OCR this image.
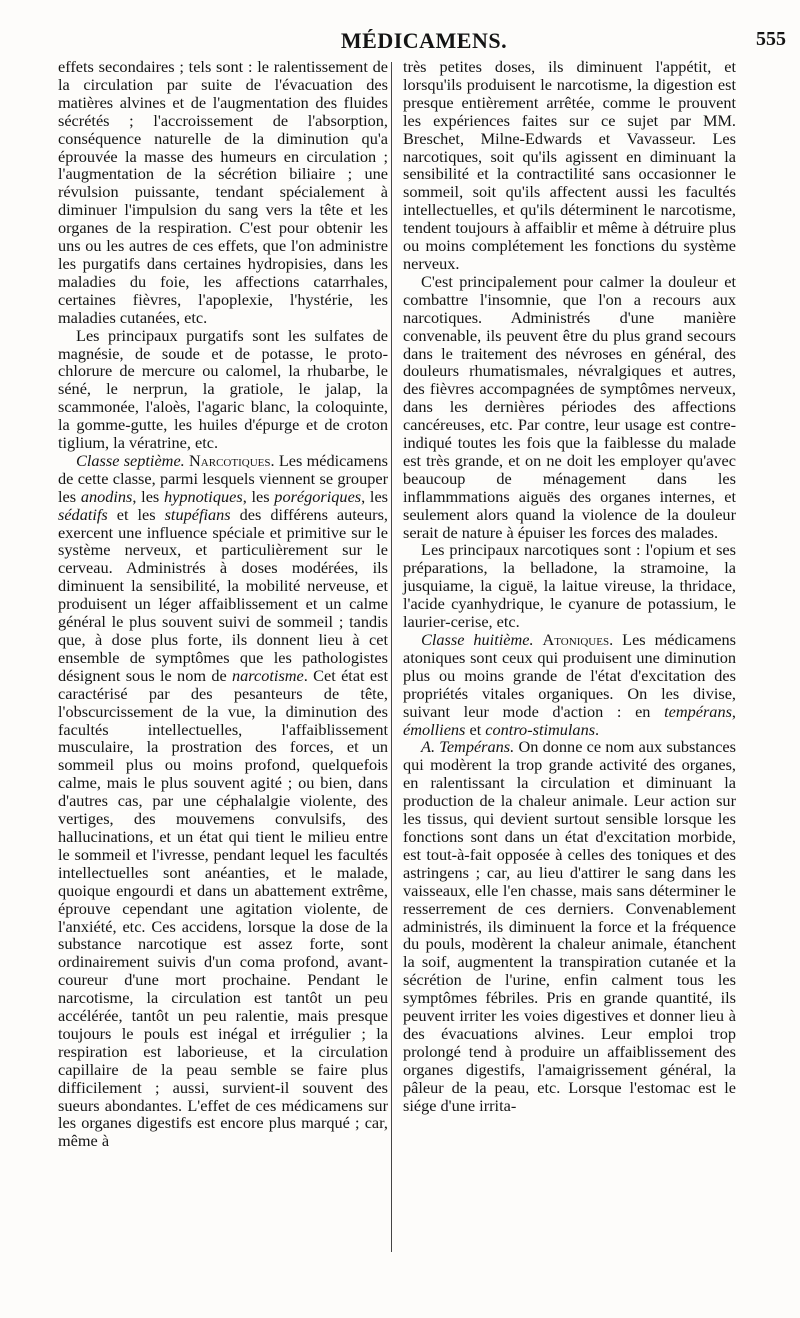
MÉDICAMENS.	555

effets secondaires ; tels sont : le ralentissement de la circulation par suite de l'évacuation des matières alvines et de l'augmentation des fluides sécrétés ; l'accroissement de l'absorption, conséquence naturelle de la diminution qu'a éprouvée la masse des humeurs en circulation ; l'augmentation de la sécrétion biliaire ; une révulsion puissante, tendant spécialement à diminuer l'impulsion du sang vers la tête et les organes de la respiration. C'est pour obtenir les uns ou les autres de ces effets, que l'on administre les purgatifs dans certaines hydropisies, dans les maladies du foie, les affections catarrhales, certaines fièvres, l'apoplexie, l'hystérie, les maladies cutanées, etc.

Les principaux purgatifs sont les sulfates de magnésie, de soude et de potasse, le proto-chlorure de mercure ou calomel, la rhubarbe, le séné, le nerprun, la gratiole, le jalap, la scammonée, l'aloès, l'agaric blanc, la coloquinte, la gomme-gutte, les huiles d'épurge et de croton tiglium, la vératrine, etc.

Classe septième. Narcotiques. Les médicamens de cette classe, parmi lesquels viennent se grouper les anodins, les hypnotiques, les porégoriques, les sédatifs et les stupéfians des différens auteurs, exercent une influence spéciale et primitive sur le système nerveux, et particulièrement sur le cerveau. Administrés à doses modérées, ils diminuent la sensibilité, la mobilité nerveuse, et produisent un léger affaiblissement et un calme général le plus souvent suivi de sommeil ; tandis que, à dose plus forte, ils donnent lieu à cet ensemble de symptômes que les pathologistes désignent sous le nom de narcotisme. Cet état est caractérisé par des pesanteurs de tête, l'obscurcissement de la vue, la diminution des facultés intellectuelles, l'affaiblissement musculaire, la prostration des forces, et un sommeil plus ou moins profond, quelquefois calme, mais le plus souvent agité ; ou bien, dans d'autres cas, par une céphalalgie violente, des vertiges, des mouvemens convulsifs, des hallucinations, et un état qui tient le milieu entre le sommeil et l'ivresse, pendant lequel les facultés intellectuelles sont anéanties, et le malade, quoique engourdi et dans un abattement extrême, éprouve cependant une agitation violente, de l'anxiété, etc. Ces accidens, lorsque la dose de la substance narcotique est assez forte, sont ordinairement suivis d'un coma profond, avant-coureur d'une mort prochaine. Pendant le narcotisme, la circulation est tantôt un peu accélérée, tantôt un peu ralentie, mais presque toujours le pouls est inégal et irrégulier ; la respiration est laborieuse, et la circulation capillaire de la peau semble se faire plus difficilement ; aussi, survient-il souvent des sueurs abondantes. L'effet de ces médicamens sur les organes digestifs est encore plus marqué ; car, même à

très petites doses, ils diminuent l'appétit, et lorsqu'ils produisent le narcotisme, la digestion est presque entièrement arrêtée, comme le prouvent les expériences faites sur ce sujet par MM. Breschet, Milne-Edwards et Vavasseur. Les narcotiques, soit qu'ils agissent en diminuant la sensibilité et la contractilité sans occasionner le sommeil, soit qu'ils affectent aussi les facultés intellectuelles, et qu'ils déterminent le narcotisme, tendent toujours à affaiblir et même à détruire plus ou moins complétement les fonctions du système nerveux.

C'est principalement pour calmer la douleur et combattre l'insomnie, que l'on a recours aux narcotiques. Administrés d'une manière convenable, ils peuvent être du plus grand secours dans le traitement des névroses en général, des douleurs rhumatismales, névralgiques et autres, des fièvres accompagnées de symptômes nerveux, dans les dernières périodes des affections cancéreuses, etc. Par contre, leur usage est contre-indiqué toutes les fois que la faiblesse du malade est très grande, et on ne doit les employer qu'avec beaucoup de ménagement dans les inflammmations aiguës des organes internes, et seulement alors quand la violence de la douleur serait de nature à épuiser les forces des malades.

Les principaux narcotiques sont : l'opium et ses préparations, la belladone, la stramoine, la jusquiame, la ciguë, la laitue vireuse, la thridace, l'acide cyanhydrique, le cyanure de potassium, le laurier-cerise, etc.

Classe huitième. Atoniques. Les médicamens atoniques sont ceux qui produisent une diminution plus ou moins grande de l'état d'excitation des propriétés vitales organiques. On les divise, suivant leur mode d'action : en tempérans, émolliens et contro-stimulans.

A. Tempérans. On donne ce nom aux substances qui modèrent la trop grande activité des organes, en ralentissant la circulation et diminuant la production de la chaleur animale. Leur action sur les tissus, qui devient surtout sensible lorsque les fonctions sont dans un état d'excitation morbide, est tout-à-fait opposée à celles des toniques et des astringens ; car, au lieu d'attirer le sang dans les vaisseaux, elle l'en chasse, mais sans déterminer le resserrement de ces derniers. Convenablement administrés, ils diminuent la force et la fréquence du pouls, modèrent la chaleur animale, étanchent la soif, augmentent la transpiration cutanée et la sécrétion de l'urine, enfin calment tous les symptômes fébriles. Pris en grande quantité, ils peuvent irriter les voies digestives et donner lieu à des évacuations alvines. Leur emploi trop prolongé tend à produire un affaiblissement des organes digestifs, l'amaigrissement général, la pâleur de la peau, etc. Lorsque l'estomac est le siége d'une irrita-
